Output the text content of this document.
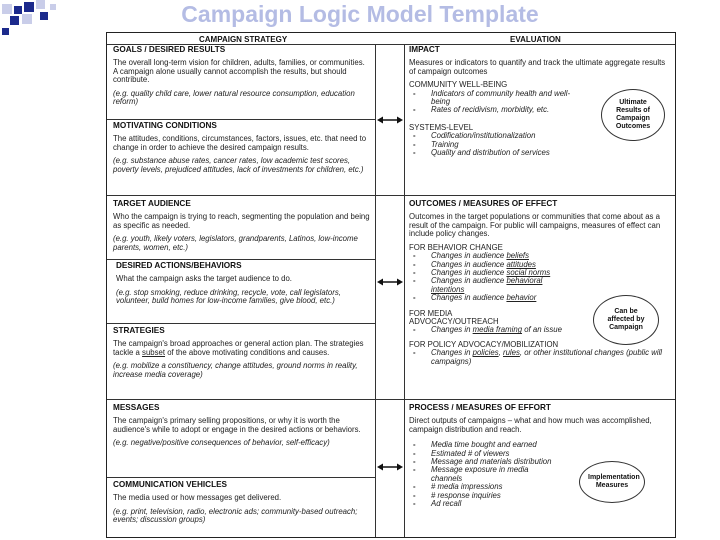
Campaign Logic Model Template
CAMPAIGN STRATEGY	EVALUATION
GOALS / DESIRED RESULTS
The overall long-term vision for children, adults, families, or communities. A campaign alone usually cannot accomplish the results, but should contribute.
(e.g. quality child care, lower natural resource consumption, education reform)
MOTIVATING CONDITIONS
The attitudes, conditions, circumstances, factors, issues, etc. that need to change in order to achieve the desired campaign results.
(e.g. substance abuse rates, cancer rates, low academic test scores, poverty levels, prejudiced attitudes, lack of investments for children, etc.)
TARGET AUDIENCE
Who the campaign is trying to reach, segmenting the population and being as specific as needed.
(e.g. youth, likely voters, legislators, grandparents, Latinos, low-income parents, women, etc.)
DESIRED ACTIONS/BEHAVIORS
What the campaign asks the target audience to do.
(e.g. stop smoking, reduce drinking, recycle, vote, call legislators, volunteer, build homes for low-income families, give blood, etc.)
STRATEGIES
The campaign's broad approaches or general action plan. The strategies tackle a subset of the above motivating conditions and causes.
(e.g. mobilize a constituency, change attitudes, ground norms in reality, increase media coverage)
MESSAGES
The campaign's primary selling propositions, or why it is worth the audience's while to adopt or engage in the desired actions or behaviors.
(e.g. negative/positive consequences of behavior, self-efficacy)
COMMUNICATION VEHICLES
The media used or how messages get delivered.
(e.g. print, television, radio, electronic ads; community-based outreach; events; discussion groups)
IMPACT
Measures or indicators to quantify and track the ultimate aggregate results of campaign outcomes
COMMUNITY WELL-BEING
- Indicators of community health and well-being
- Rates of recidivism, morbidity, etc.
SYSTEMS-LEVEL
- Codification/institutionalization
- Training
- Quality and distribution of services
Ultimate Results of Campaign Outcomes
OUTCOMES / MEASURES OF EFFECT
Outcomes in the target populations or communities that come about as a result of the campaign. For public will campaigns, measures of effect can include policy changes.
FOR BEHAVIOR CHANGE
- Changes in audience beliefs
- Changes in audience attitudes
- Changes in audience social norms
- Changes in audience behavioral intentions
- Changes in audience behavior
FOR MEDIA ADVOCACY/OUTREACH
- Changes in media framing of an issue
FOR POLICY ADVOCACY/MOBILIZATION
- Changes in policies, rules, or other institutional changes (public will campaigns)
Can be affected by Campaign
PROCESS / MEASURES OF EFFORT
Direct outputs of campaigns – what and how much was accomplished, campaign distribution and reach.
- Media time bought and earned
- Estimated # of viewers
- Message and materials distribution
- Message exposure in media channels
- # media impressions
- # response inquiries
- Ad recall
Implementation Measures
